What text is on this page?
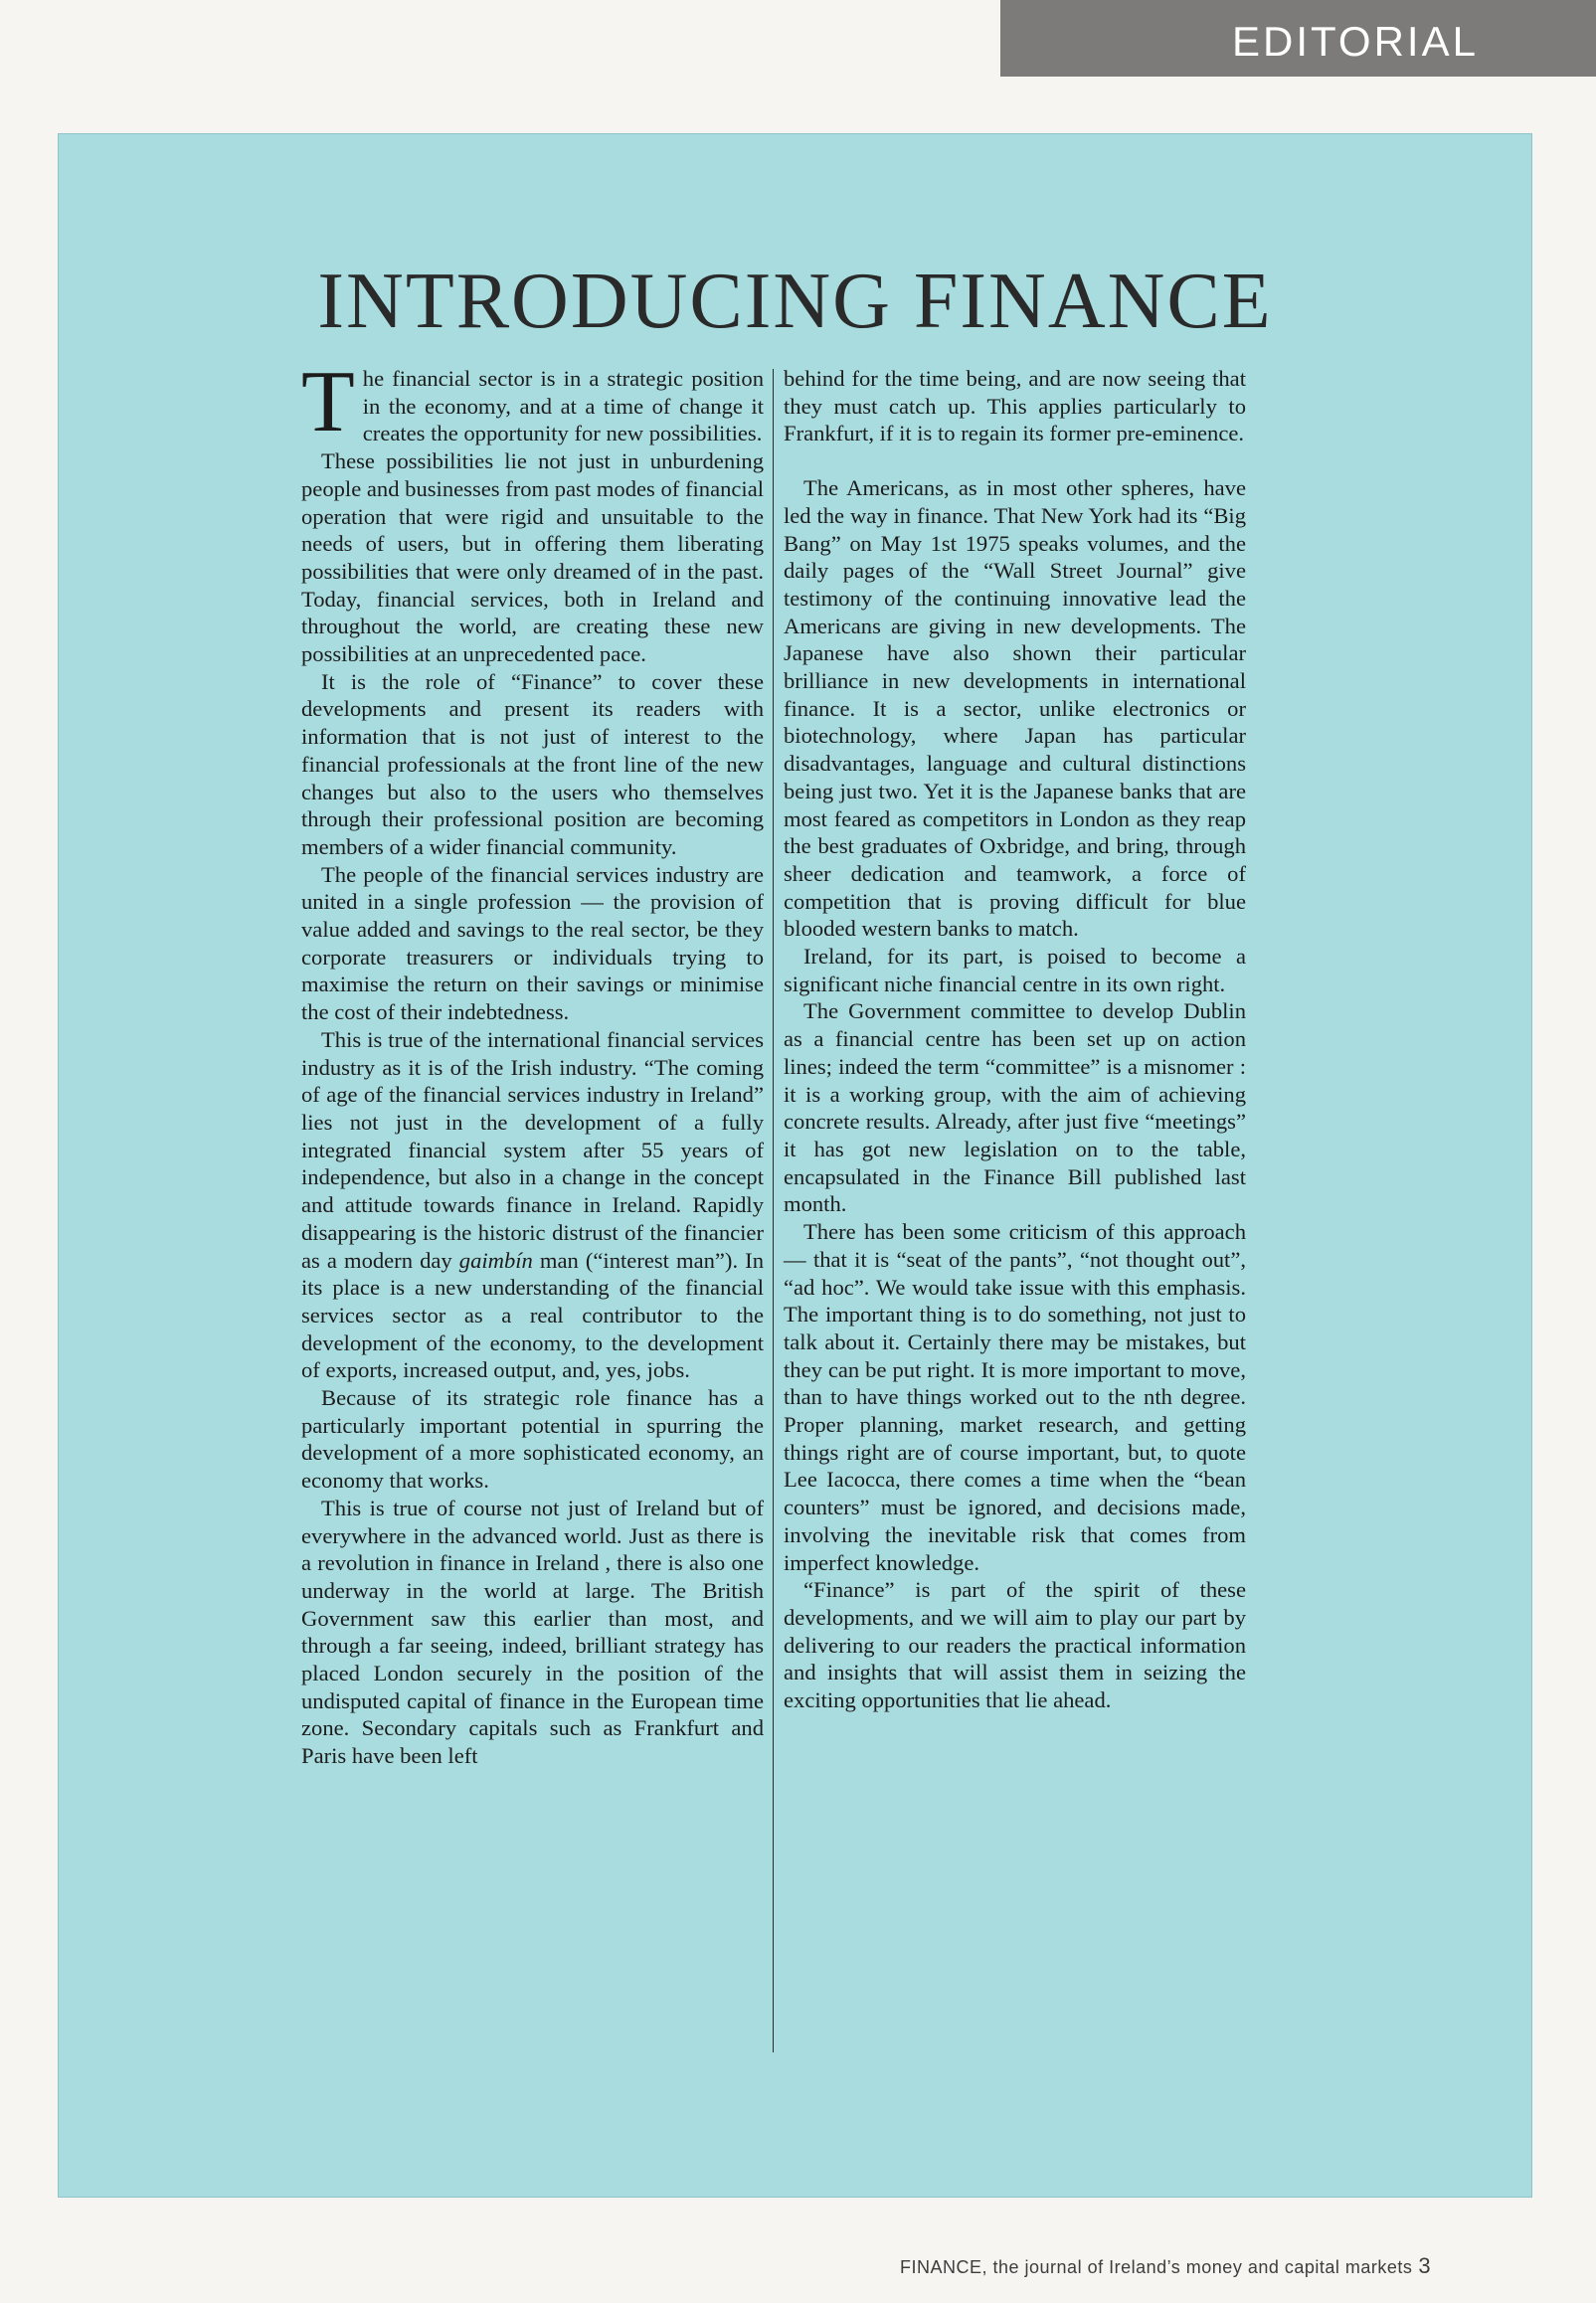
EDITORIAL
INTRODUCING FINANCE

The financial sector is in a strategic position in the economy, and at a time of change it creates the opportunity for new possibilities.

These possibilities lie not just in unburdening people and businesses from past modes of financial operation that were rigid and unsuitable to the needs of users, but in offering them liberating possibilities that were only dreamed of in the past. Today, financial services, both in Ireland and throughout the world, are creating these new possibilities at an unprecedented pace.

It is the role of “Finance” to cover these developments and present its readers with information that is not just of interest to the financial professionals at the front line of the new changes but also to the users who themselves through their professional position are becoming members of a wider financial community.

The people of the financial services industry are united in a single profession — the provision of value added and savings to the real sector, be they corporate treasurers or individuals trying to maximise the return on their savings or minimise the cost of their indebtedness.

This is true of the international financial services industry as it is of the Irish industry. “The coming of age of the financial services industry in Ireland” lies not just in the development of a fully integrated financial system after 55 years of independence, but also in a change in the concept and attitude towards finance in Ireland. Rapidly disappearing is the historic distrust of the financier as a modern day gaimbín man (“interest man”). In its place is a new understanding of the financial services sector as a real contributor to the development of the economy, to the development of exports, increased output, and, yes, jobs.

Because of its strategic role finance has a particularly important potential in spurring the development of a more sophisticated economy, an economy that works.

This is true of course not just of Ireland but of everywhere in the advanced world. Just as there is a revolution in finance in Ireland , there is also one underway in the world at large. The British Government saw this earlier than most, and through a far seeing, indeed, brilliant strategy has placed London securely in the position of the undisputed capital of finance in the European time zone. Secondary capitals such as Frankfurt and Paris have been left

behind for the time being, and are now seeing that they must catch up. This applies particularly to Frankfurt, if it is to regain its former pre-eminence.

The Americans, as in most other spheres, have led the way in finance. That New York had its “Big Bang” on May 1st 1975 speaks volumes, and the daily pages of the “Wall Street Journal” give testimony of the continuing innovative lead the Americans are giving in new developments. The Japanese have also shown their particular brilliance in new developments in international finance. It is a sector, unlike electronics or biotechnology, where Japan has particular disadvantages, language and cultural distinctions being just two. Yet it is the Japanese banks that are most feared as competitors in London as they reap the best graduates of Oxbridge, and bring, through sheer dedication and teamwork, a force of competition that is proving difficult for blue blooded western banks to match.

Ireland, for its part, is poised to become a significant niche financial centre in its own right.

The Government committee to develop Dublin as a financial centre has been set up on action lines; indeed the term “committee” is a misnomer : it is a working group, with the aim of achieving concrete results. Already, after just five “meetings” it has got new legislation on to the table, encapsulated in the Finance Bill published last month.

There has been some criticism of this approach — that it is “seat of the pants”, “not thought out”, “ad hoc”. We would take issue with this emphasis. The important thing is to do something, not just to talk about it. Certainly there may be mistakes, but they can be put right. It is more important to move, than to have things worked out to the nth degree. Proper planning, market research, and getting things right are of course important, but, to quote Lee Iacocca, there comes a time when the “bean counters” must be ignored, and decisions made, involving the inevitable risk that comes from imperfect knowledge.

“Finance” is part of the spirit of these developments, and we will aim to play our part by delivering to our readers the practical information and insights that will assist them in seizing the exciting opportunities that lie ahead.

FINANCE, the journal of Ireland’s money and capital markets 3
